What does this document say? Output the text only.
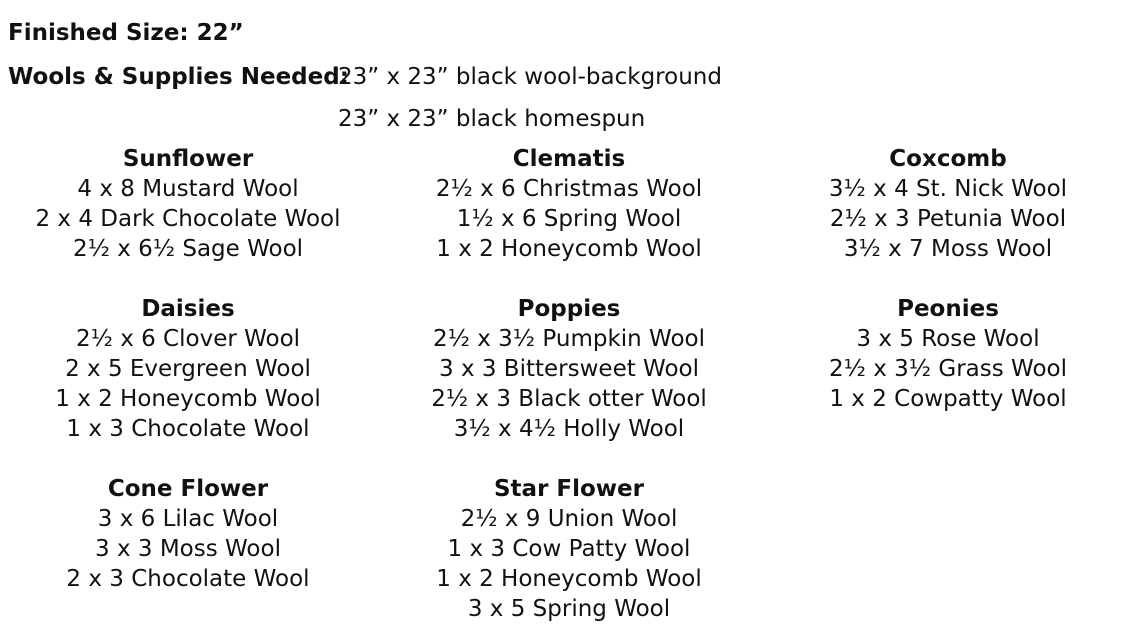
Finished Size: 22”
Wools & Supplies Needed:
23” x 23” black wool-background
23” x 23” black homespun
Sunflower
4 x 8 Mustard Wool
2 x 4 Dark Chocolate Wool
2½ x 6½ Sage Wool
Clematis
2½ x 6 Christmas Wool
1½ x 6 Spring Wool
1 x 2 Honeycomb Wool
Coxcomb
3½ x 4 St. Nick Wool
2½ x 3 Petunia Wool
3½ x 7 Moss Wool
Daisies
2½ x 6 Clover Wool
2 x 5 Evergreen Wool
1 x 2 Honeycomb Wool
1 x 3 Chocolate Wool
Poppies
2½ x 3½ Pumpkin Wool
3 x 3 Bittersweet Wool
2½ x 3 Black otter Wool
3½ x 4½ Holly Wool
Peonies
3 x 5 Rose Wool
2½ x 3½ Grass Wool
1 x 2 Cowpatty Wool
Cone Flower
3 x 6 Lilac Wool
3 x 3 Moss Wool
2 x 3 Chocolate Wool
Star Flower
2½ x 9 Union Wool
1 x 3 Cow Patty Wool
1 x 2 Honeycomb Wool
3 x 5 Spring Wool
